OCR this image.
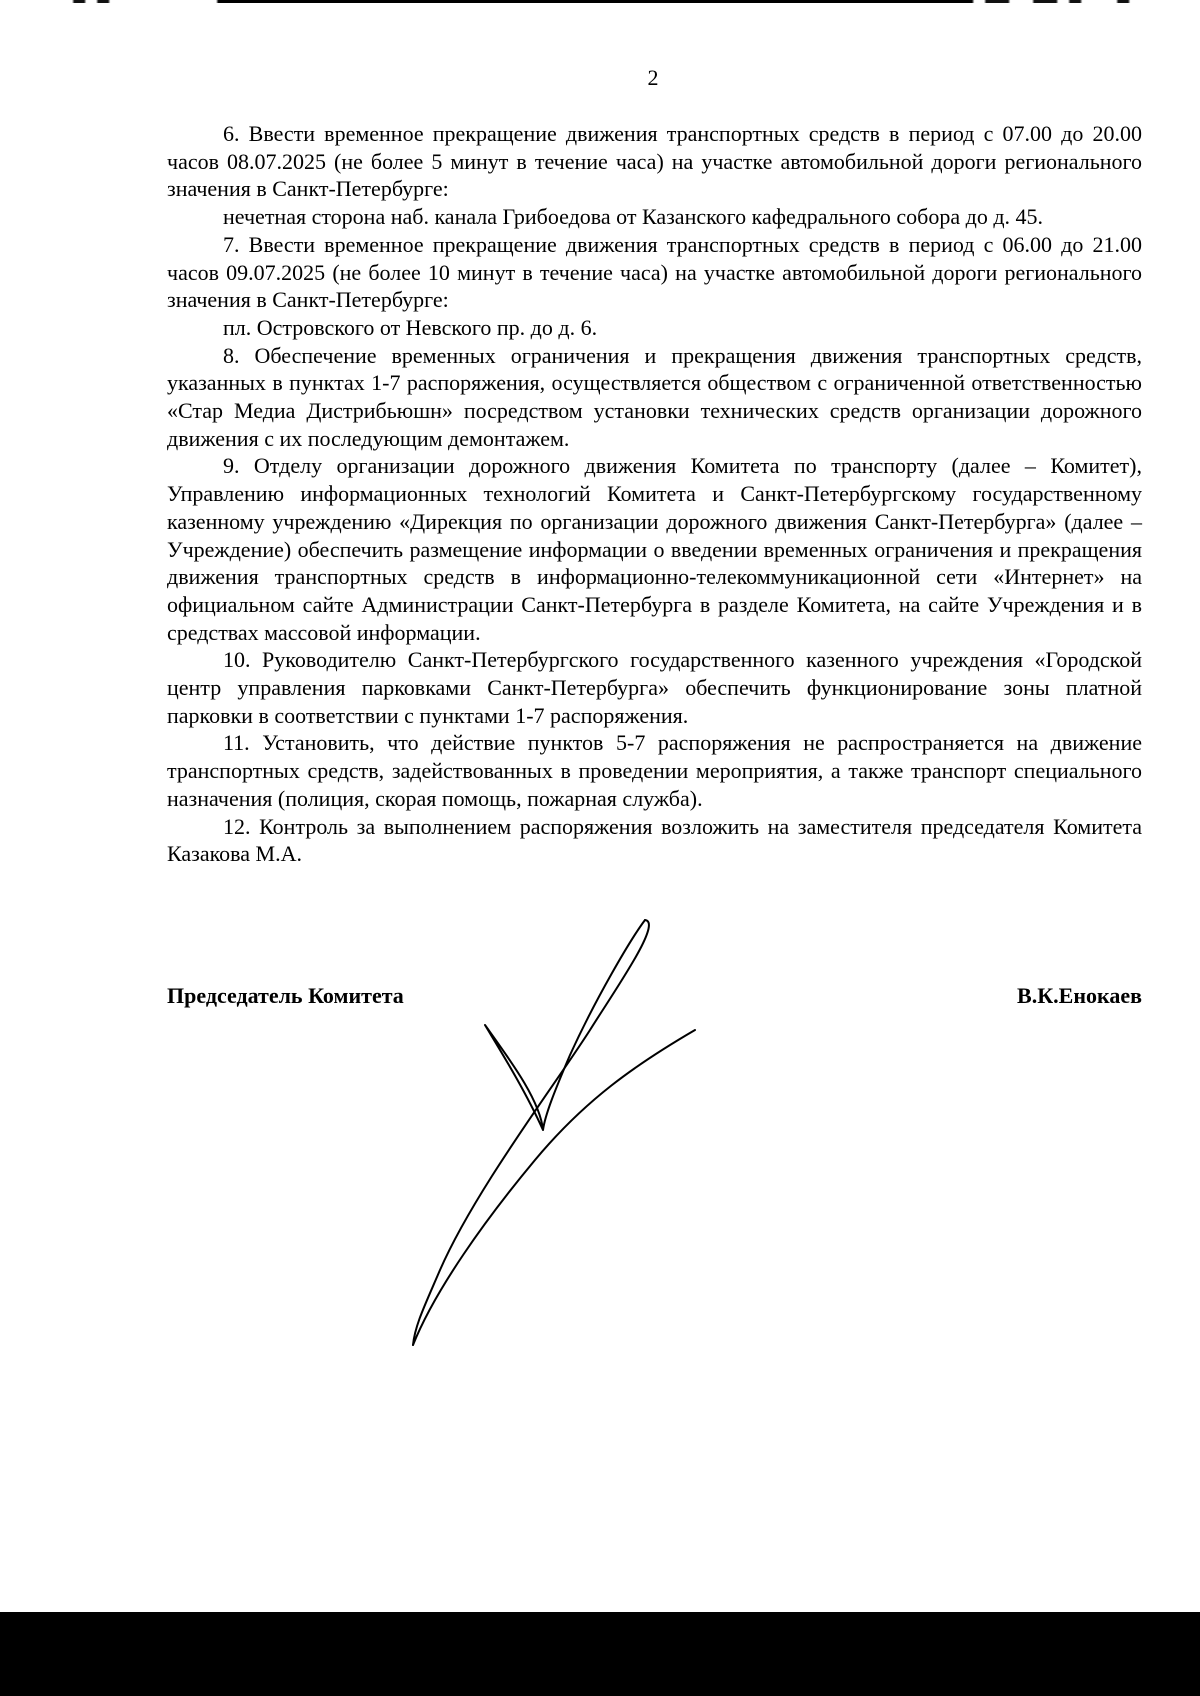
2

6. Ввести временное прекращение движения транспортных средств в период с 07.00 до 20.00 часов 08.07.2025 (не более 5 минут в течение часа) на участке автомобильной дороги регионального значения в Санкт-Петербурге:

нечетная сторона наб. канала Грибоедова от Казанского кафедрального собора до д. 45.

7. Ввести временное прекращение движения транспортных средств в период с 06.00 до 21.00 часов 09.07.2025 (не более 10 минут в течение часа) на участке автомобильной дороги регионального значения в Санкт-Петербурге:

пл. Островского от Невского пр. до д. 6.

8. Обеспечение временных ограничения и прекращения движения транспортных средств, указанных в пунктах 1-7 распоряжения, осуществляется обществом с ограниченной ответственностью «Стар Медиа Дистрибьюшн» посредством установки технических средств организации дорожного движения с их последующим демонтажем.

9. Отделу организации дорожного движения Комитета по транспорту (далее – Комитет), Управлению информационных технологий Комитета и Санкт-Петербургскому государственному казенному учреждению «Дирекция по организации дорожного движения Санкт-Петербурга» (далее – Учреждение) обеспечить размещение информации о введении временных ограничения и прекращения движения транспортных средств в информационно-телекоммуникационной сети «Интернет» на официальном сайте Администрации Санкт-Петербурга в разделе Комитета, на сайте Учреждения и в средствах массовой информации.

10. Руководителю Санкт-Петербургского государственного казенного учреждения «Городской центр управления парковками Санкт-Петербурга» обеспечить функционирование зоны платной парковки в соответствии с пунктами 1-7 распоряжения.

11. Установить, что действие пунктов 5-7 распоряжения не распространяется на движение транспортных средств, задействованных в проведении мероприятия, а также транспорт специального назначения (полиция, скорая помощь, пожарная служба).

12. Контроль за выполнением распоряжения возложить на заместителя председателя Комитета Казакова М.А.

Председатель Комитета	В.К.Енокаев
